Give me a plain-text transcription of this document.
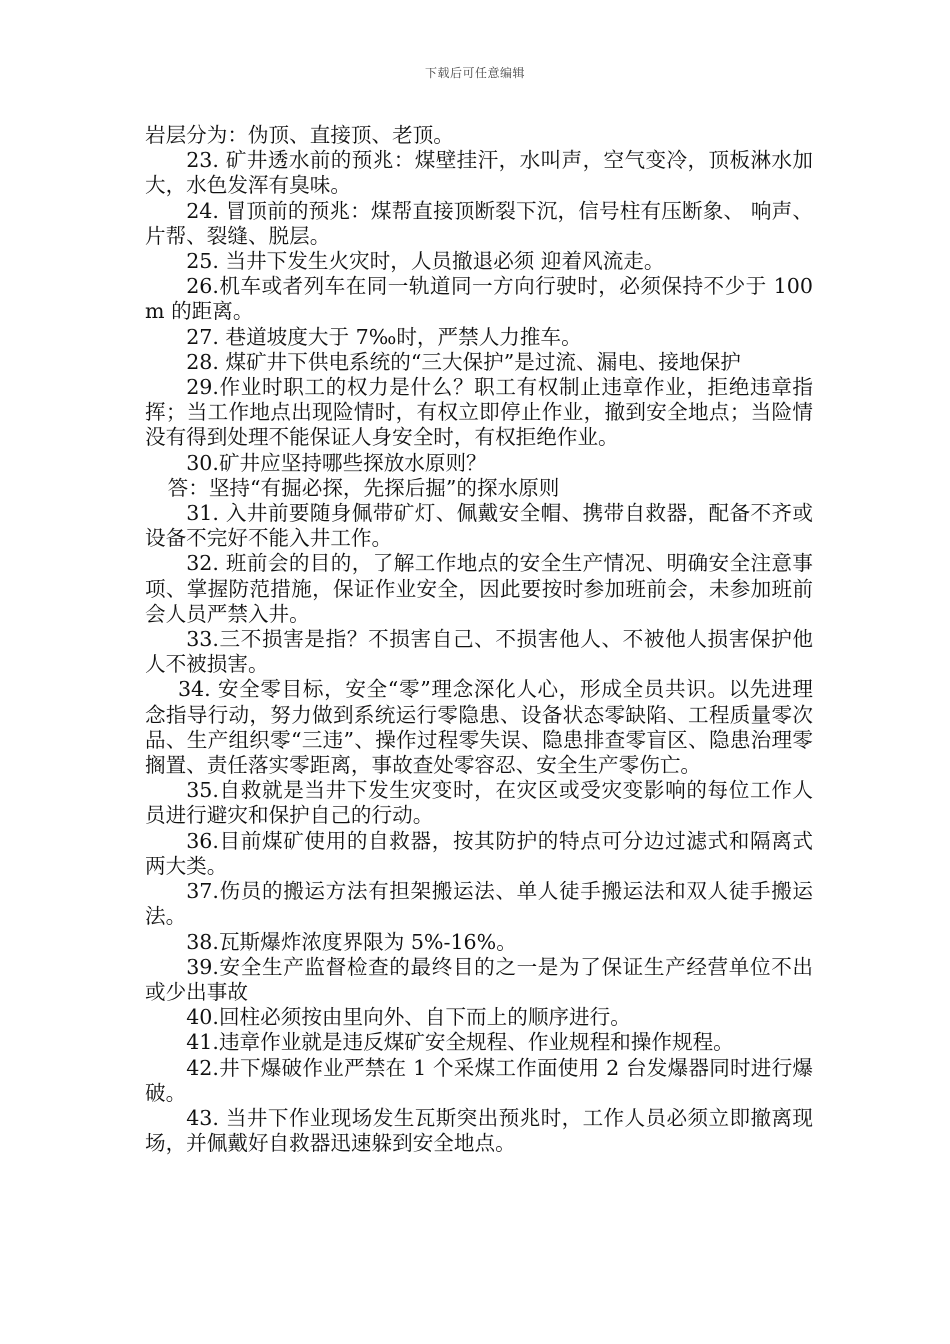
下载后可任意编辑

岩层分为：伪顶、直接顶、老顶。

23. 矿井透水前的预兆：煤壁挂汗，水叫声，空气变冷，顶板淋水加大，水色发浑有臭味。

24. 冒顶前的预兆：煤帮直接顶断裂下沉，信号柱有压断象、 响声、片帮、裂缝、脱层。

25. 当井下发生火灾时，人员撤退必须 迎着风流走。

26.机车或者列车在同一轨道同一方向行驶时，必须保持不少于 100m 的距离。

27. 巷道坡度大于 7‰时，严禁人力推车。

28. 煤矿井下供电系统的“三大保护”是过流、漏电、接地保护

29.作业时职工的权力是什么？职工有权制止违章作业，拒绝违章指挥；当工作地点出现险情时，有权立即停止作业，撤到安全地点；当险情没有得到处理不能保证人身安全时，有权拒绝作业。

30.矿井应坚持哪些探放水原则？

答：坚持“有掘必探，先探后掘”的探水原则

31. 入井前要随身佩带矿灯、佩戴安全帽、携带自救器，配备不齐或设备不完好不能入井工作。

32. 班前会的目的，了解工作地点的安全生产情况、明确安全注意事项、掌握防范措施，保证作业安全，因此要按时参加班前会，未参加班前会人员严禁入井。

33.三不损害是指？不损害自己、不损害他人、不被他人损害保护他人不被损害。

34. 安全零目标，安全“零”理念深化人心，形成全员共识。以先进理念指导行动，努力做到系统运行零隐患、设备状态零缺陷、工程质量零次品、生产组织零“三违”、操作过程零失误、隐患排查零盲区、隐患治理零搁置、责任落实零距离，事故查处零容忍、安全生产零伤亡。

35.自救就是当井下发生灾变时，在灾区或受灾变影响的每位工作人员进行避灾和保护自己的行动。

36.目前煤矿使用的自救器，按其防护的特点可分边过滤式和隔离式两大类。

37.伤员的搬运方法有担架搬运法、单人徒手搬运法和双人徒手搬运法。

38.瓦斯爆炸浓度界限为 5%-16%。

39.安全生产监督检查的最终目的之一是为了保证生产经营单位不出或少出事故

40.回柱必须按由里向外、自下而上的顺序进行。

41.违章作业就是违反煤矿安全规程、作业规程和操作规程。

42.井下爆破作业严禁在 1 个采煤工作面使用 2 台发爆器同时进行爆破。

43. 当井下作业现场发生瓦斯突出预兆时，工作人员必须立即撤离现场，并佩戴好自救器迅速躲到安全地点。
